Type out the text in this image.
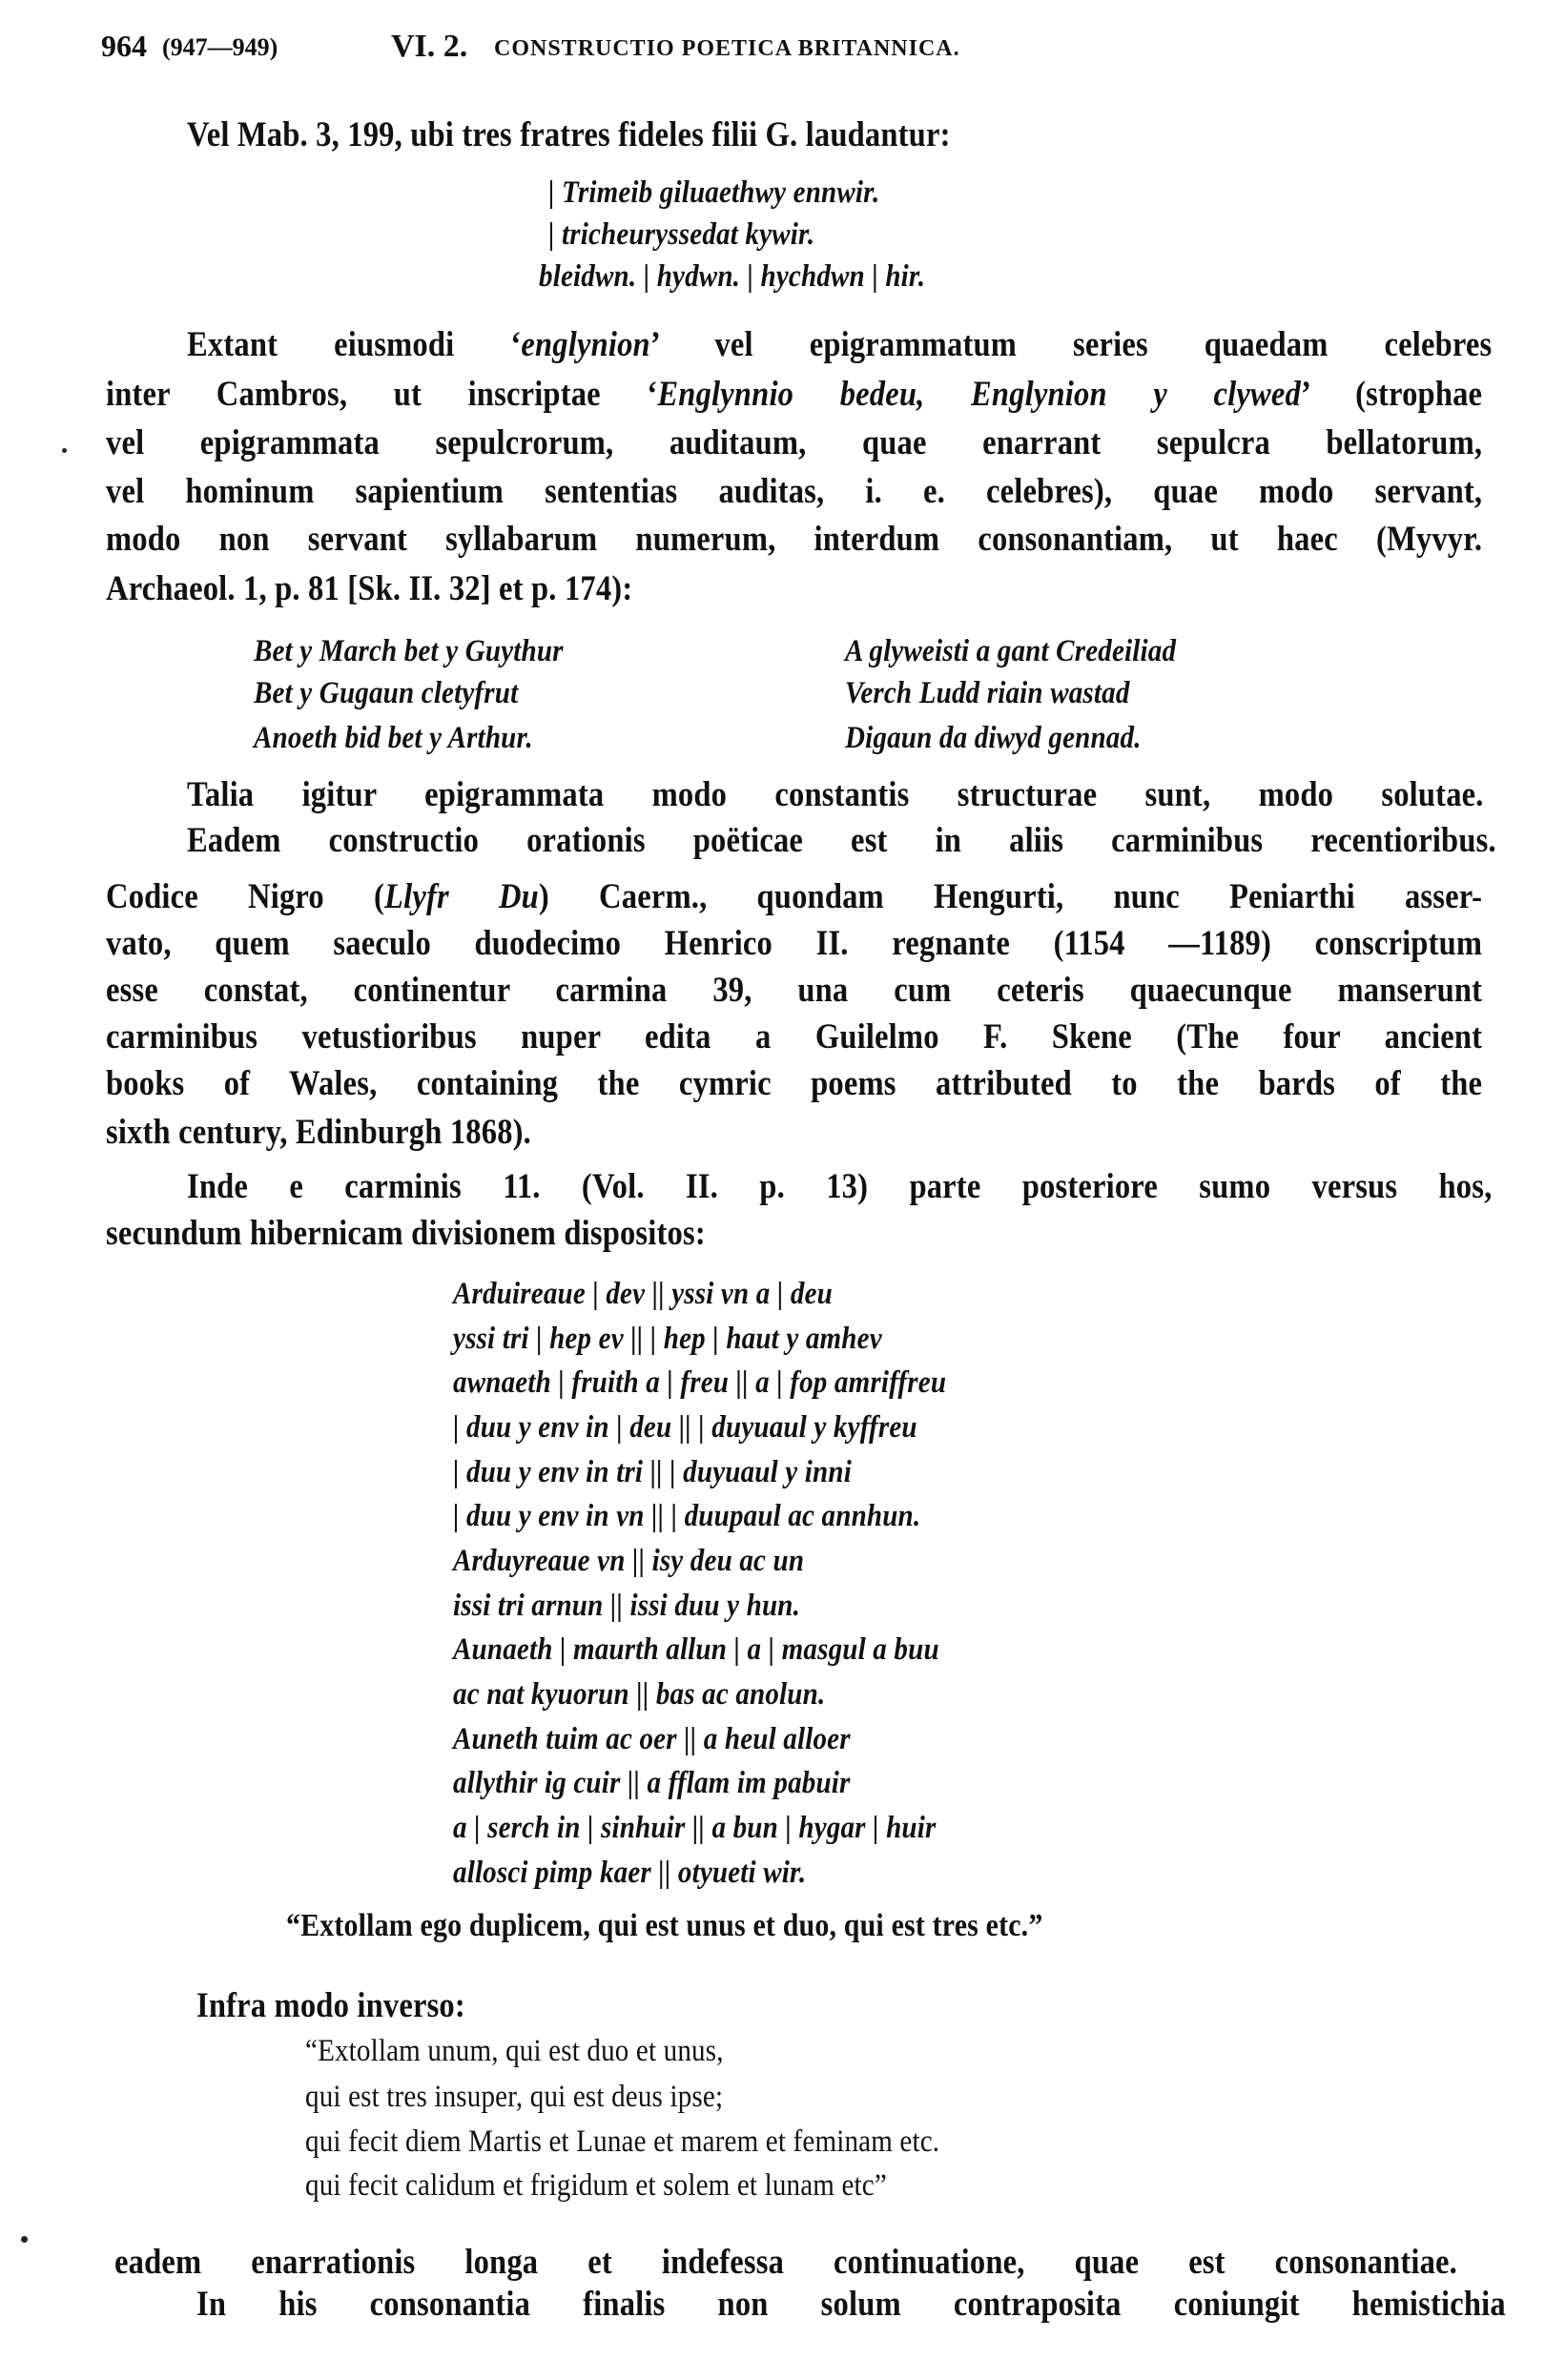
964 (947—949)	VI. 2. CONSTRUCTIO POETICA BRITANNICA.
Vel Mab. 3, 199, ubi tres fratres fideles filii G. laudantur:
| Trimeib giluaethwy ennwir.
| tricheuryssedat kywir.
bleidwn. | hydwn. | hychdwn | hir.
Extant eiusmodi ‘englynion’ vel epigrammatum series quaedam celebres
inter Cambros, ut inscriptae ‘Englynnio bedeu, Englynion y clywed’ (strophae
vel epigrammata sepulcrorum, auditaum, quae enarrant sepulcra bellatorum,
vel hominum sapientium sententias auditas, i. e. celebres), quae modo servant,
modo non servant syllabarum numerum, interdum consonantiam, ut haec (Myvyr.
Archaeol. 1, p. 81 [Sk. II. 32] et p. 174):
Bet y March bet y Guythur
Bet y Gugaun cletyfrut
Anoeth bid bet y Arthur.
A glyweisti a gant Credeiliad
Verch Ludd riain wastad
Digaun da diwyd gennad.
Talia igitur epigrammata modo constantis structurae sunt, modo solutae.
Eadem constructio orationis poëticae est in aliis carminibus recentioribus.
Codice Nigro (Llyfr Du) Caerm., quondam Hengurti, nunc Peniarthi asser-
vato, quem saeculo duodecimo Henrico II. regnante (1154 —1189) conscriptum
esse constat, continentur carmina 39, una cum ceteris quaecunque manserunt
carminibus vetustioribus nuper edita a Guilelmo F. Skene (The four ancient
books of Wales, containing the cymric poems attributed to the bards of the
sixth century, Edinburgh 1868).
Inde e carminis 11. (Vol. II. p. 13) parte posteriore sumo versus hos,
secundum hibernicam divisionem dispositos:
Arduireaue | dev || yssi vn a | deu
yssi tri | hep ev || | hep | haut y amhev
awnaeth | fruith a | freu || a | fop amriffreu
| duu y env in | deu || | duyuaul y kyffreu
| duu y env in tri || | duyuaul y inni
| duu y env in vn || | duupaul ac annhun.
Arduyreaue vn || isy deu ac un
issi tri arnun || issi duu y hun.
Aunaeth | maurth allun | a | masgul a buu
ac nat kyuorun || bas ac anolun.
Auneth tuim ac oer || a heul alloer
allythir ig cuir || a fflam im pabuir
a | serch in | sinhuir || a bun | hygar | huir
allosci pimp kaer || otyueti wir.
“Extollam ego duplicem, qui est unus et duo, qui est tres etc.”
Infra modo inverso:
“Extollam unum, qui est duo et unus,
qui est tres insuper, qui est deus ipse;
qui fecit diem Martis et Lunae et marem et feminam etc.
qui fecit calidum et frigidum et solem et lunam etc”
eadem enarrationis longa et indefessa continuatione, quae est consonantiae.
In his consonantia finalis non solum contraposita coniungit hemistichia
